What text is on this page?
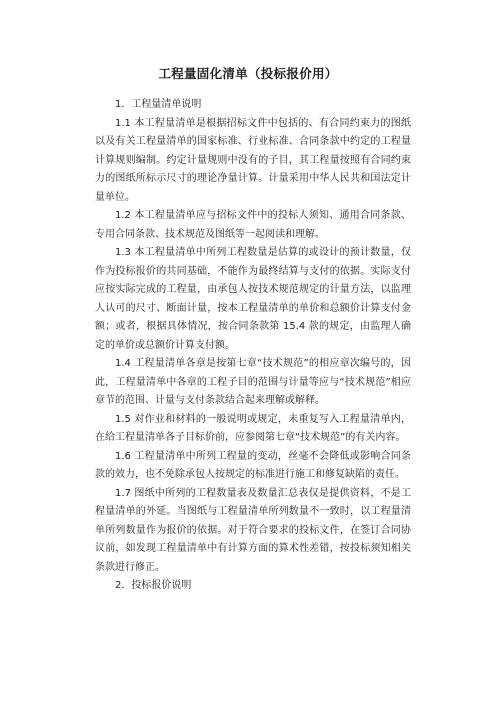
工程量固化清单（投标报价用）

1．工程量清单说明

1.1 本工程量清单是根据招标文件中包括的、有合同约束力的图纸以及有关工程量清单的国家标准、行业标准、合同条款中约定的工程量计算规则编制。约定计量规则中没有的子目，其工程量按照有合同约束力的图纸所标示尺寸的理论净量计算。计量采用中华人民共和国法定计量单位。

1.2 本工程量清单应与招标文件中的投标人须知、通用合同条款、专用合同条款、技术规范及图纸等一起阅读和理解。

1.3 本工程量清单中所列工程数量是估算的或设计的预计数量，仅作为投标报价的共同基础，不能作为最终结算与支付的依据。实际支付应按实际完成的工程量，由承包人按技术规范规定的计量方法，以监理人认可的尺寸、断面计量，按本工程量清单的单价和总额价计算支付金额；或者，根据具体情况，按合同条款第 15.4 款的规定，由监理人确定的单价或总额价计算支付额。

1.4 工程量清单各章是按第七章“技术规范”的相应章次编号的，因此，工程量清单中各章的工程子目的范围与计量等应与“技术规范”相应章节的范围、计量与支付条款结合起来理解或解释。

1.5 对作业和材料的一般说明或规定，未重复写入工程量清单内，在给工程量清单各子目标价前，应参阅第七章“技术规范”的有关内容。

1.6 工程量清单中所列工程量的变动，丝毫不会降低或影响合同条款的效力，也不免除承包人按规定的标准进行施工和修复缺陷的责任。

1.7 图纸中所列的工程数量表及数量汇总表仅是提供资料，不是工程量清单的外延。当图纸与工程量清单所列数量不一致时，以工程量清单所列数量作为报价的依据。对于符合要求的投标文件，在签订合同协议前，如发现工程量清单中有计算方面的算术性差错，按投标须知相关条款进行修正。

2．投标报价说明
